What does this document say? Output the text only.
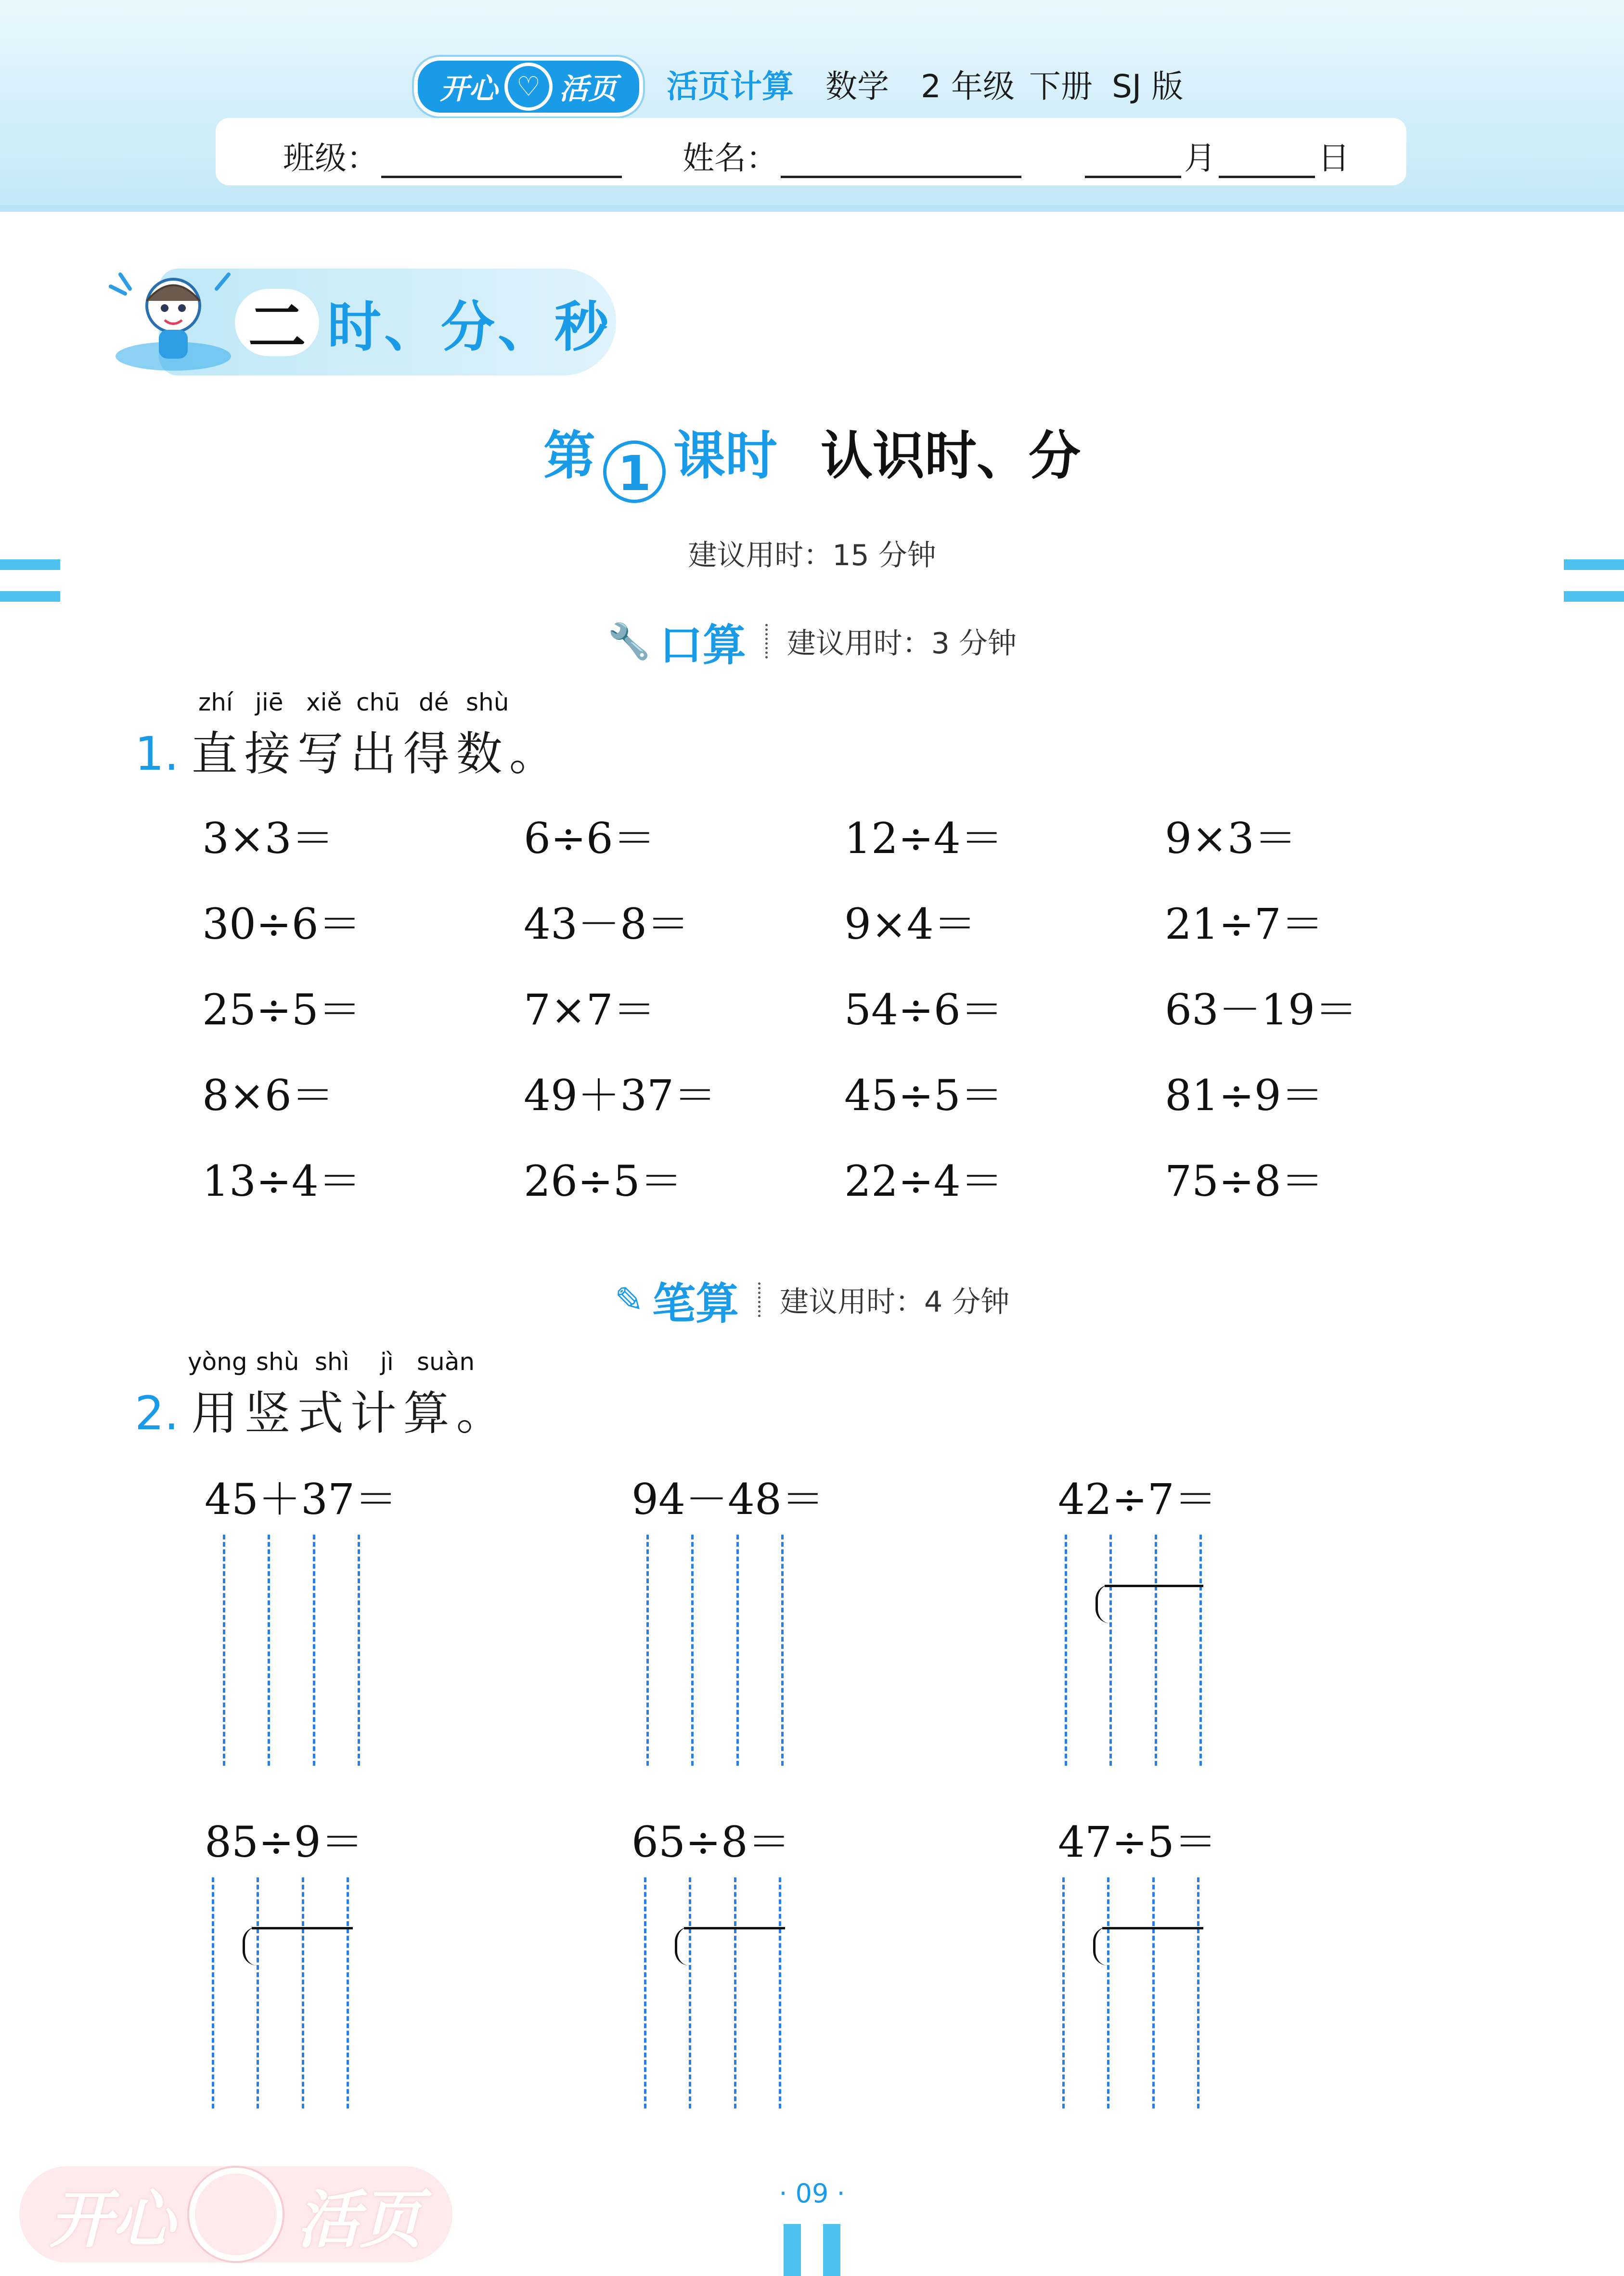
开心 ♡ 活页 活页计算 数学 2 年级 下册 SJ 版
班级：	姓名：	月	日
二 时、分、秒
第 1 课时 认识时、分
建议用时：15 分钟
🔧 口算 建议用时：3 分钟
zhí jiē xiě chū dé shù
1. 直接写出得数。
3×3＝	6÷6＝	12÷4＝	9×3＝
30÷6＝	43－8＝	9×4＝	21÷7＝
25÷5＝	7×7＝	54÷6＝	63－19＝
8×6＝	49＋37＝	45÷5＝	81÷9＝
13÷4＝	26÷5＝	22÷4＝	75÷8＝
✎ 笔算 建议用时：4 分钟
yòng shù shì jì suàn
2. 用竖式计算。
45＋37＝	94－48＝	42÷7＝
85÷9＝	65÷8＝	47÷5＝
开心 活页	· 09 ·
